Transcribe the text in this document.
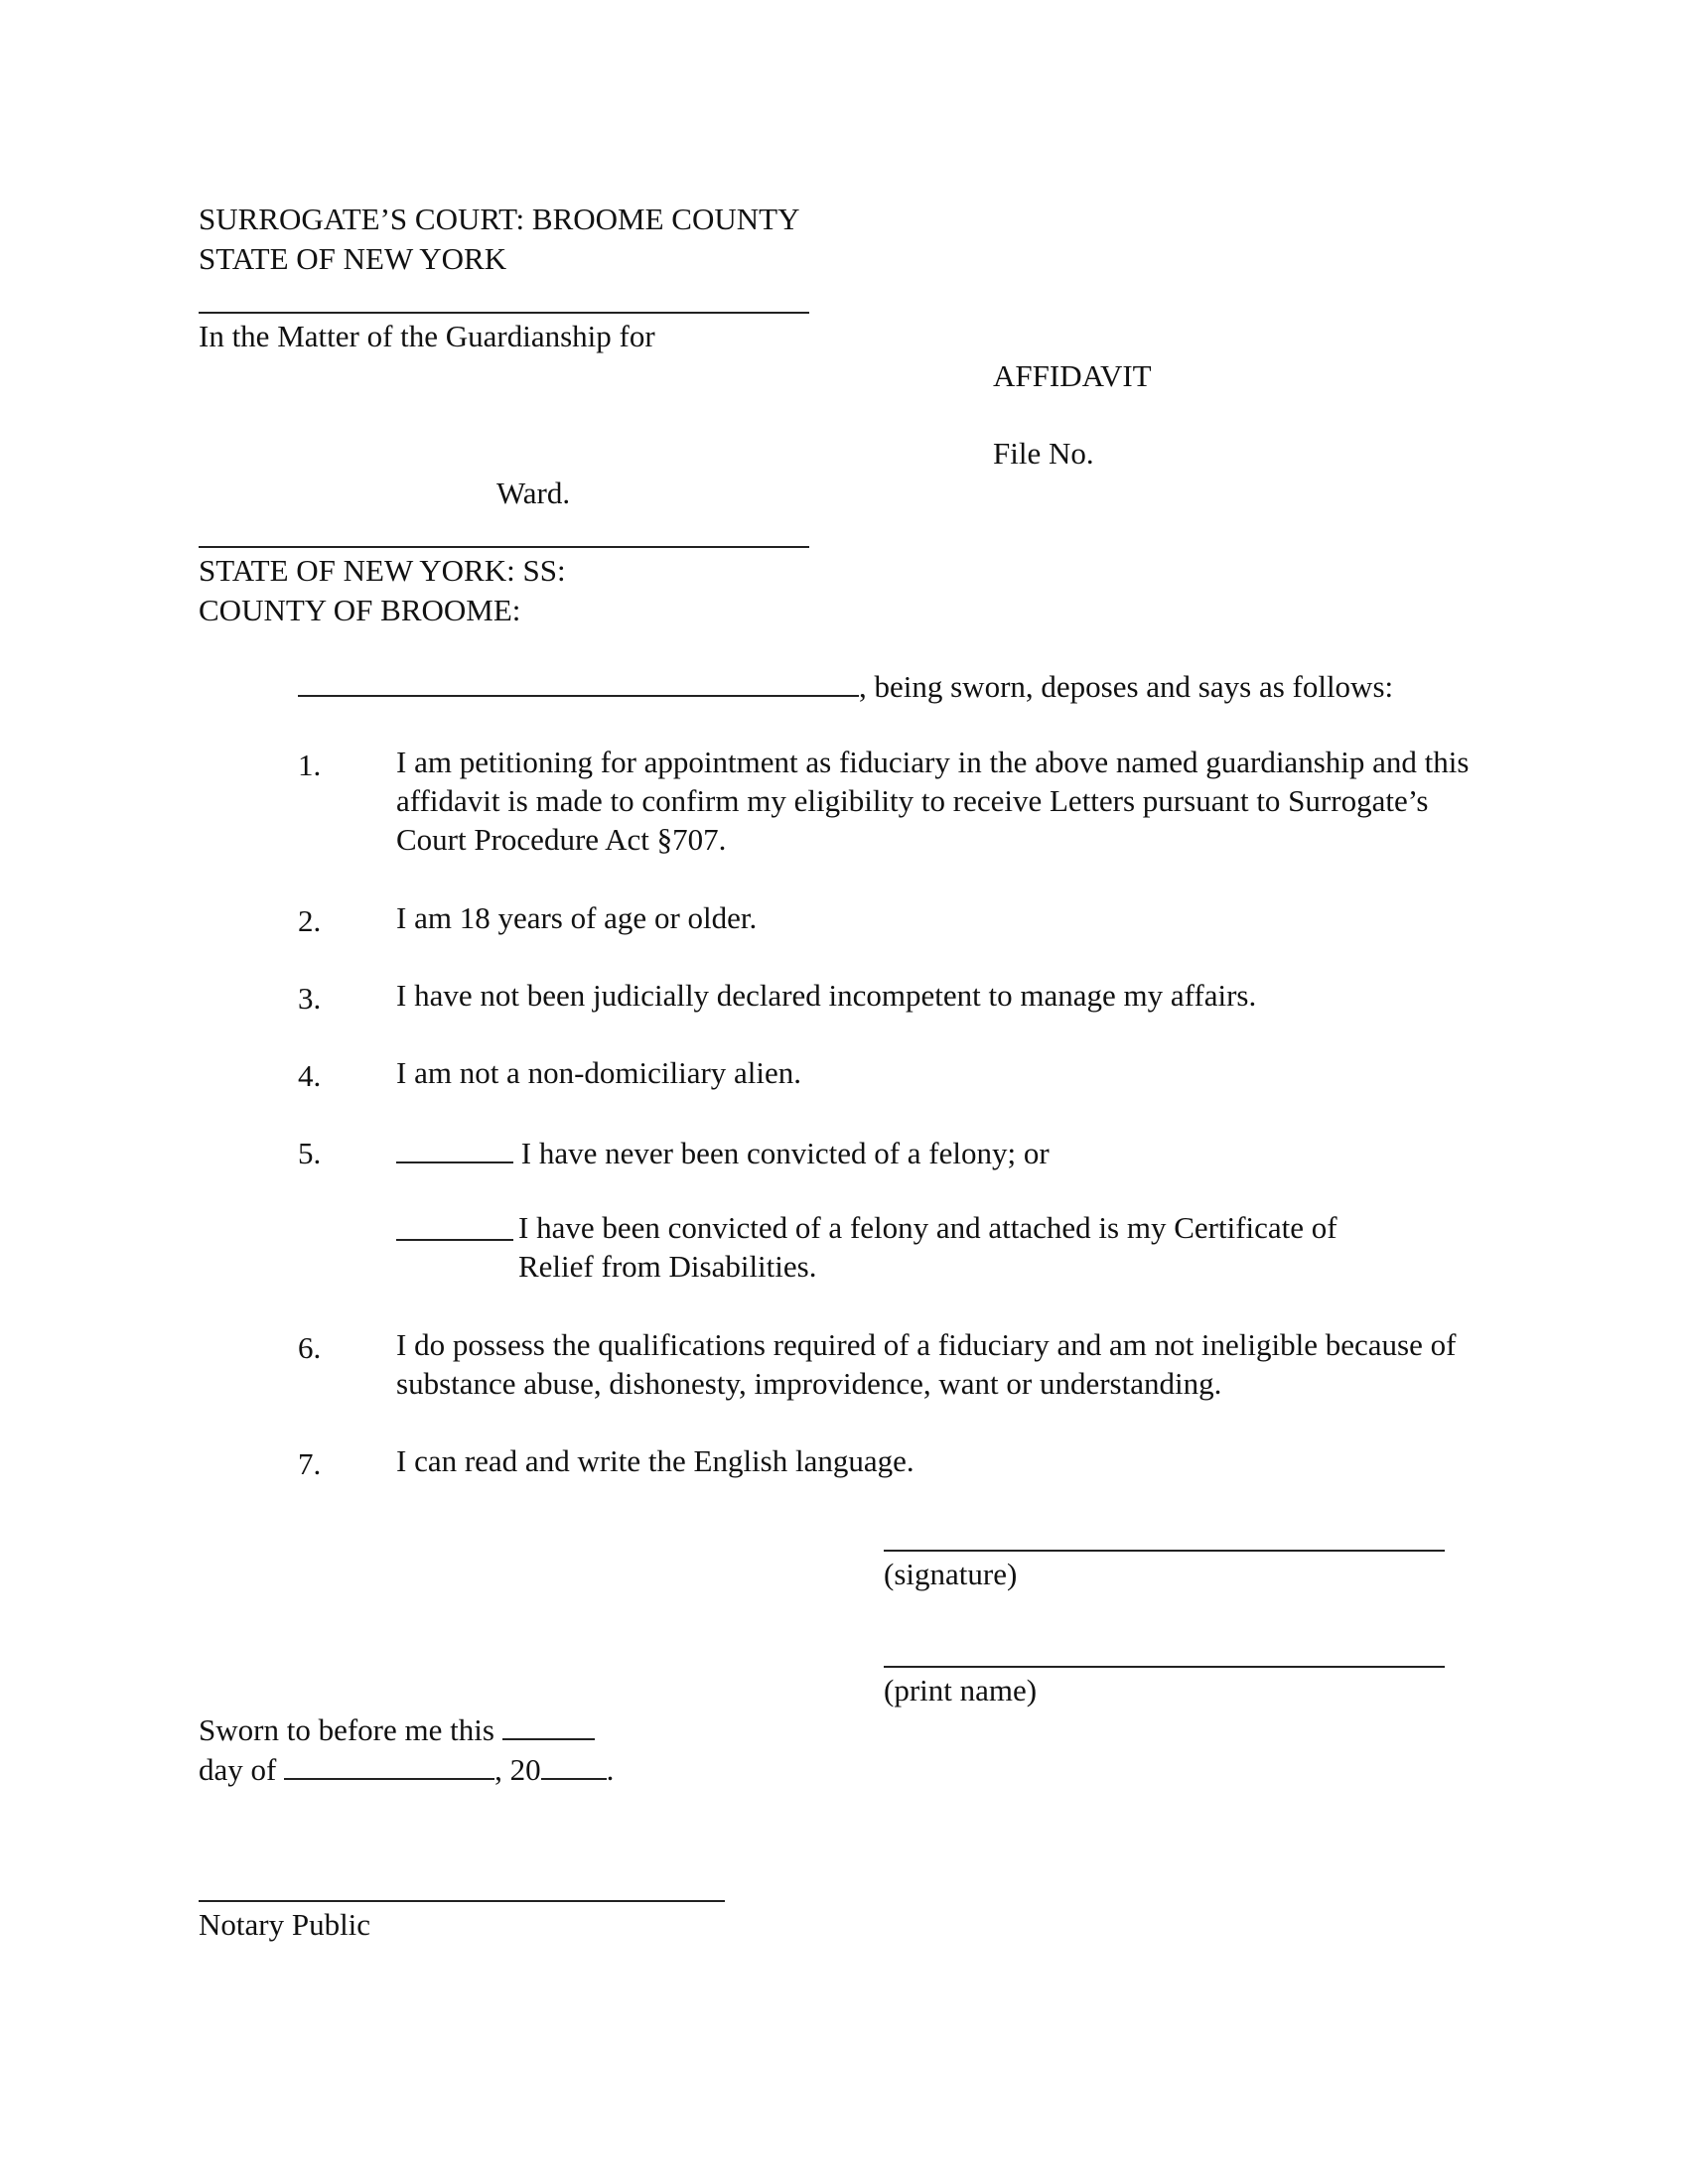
SURROGATE’S COURT: BROOME COUNTY
STATE OF NEW YORK
In the Matter of the Guardianship for
AFFIDAVIT
File No.
Ward.
STATE OF NEW YORK: SS:
COUNTY OF BROOME:
, being sworn, deposes and says as follows:
1. I am petitioning for appointment as fiduciary in the above named guardianship and this affidavit is made to confirm my eligibility to receive Letters pursuant to Surrogate’s Court Procedure Act §707.
2. I am 18 years of age or older.
3. I have not been judicially declared incompetent to manage my affairs.
4. I am not a non-domiciliary alien.
5.	I have never been convicted of a felony; or
I have been convicted of a felony and attached is my Certificate of Relief from Disabilities.
6. I do possess the qualifications required of a fiduciary and am not ineligible because of substance abuse, dishonesty, improvidence, want or understanding.
7. I can read and write the English language.
(signature)
(print name)
Sworn to before me this
day of	, 20 .
Notary Public
